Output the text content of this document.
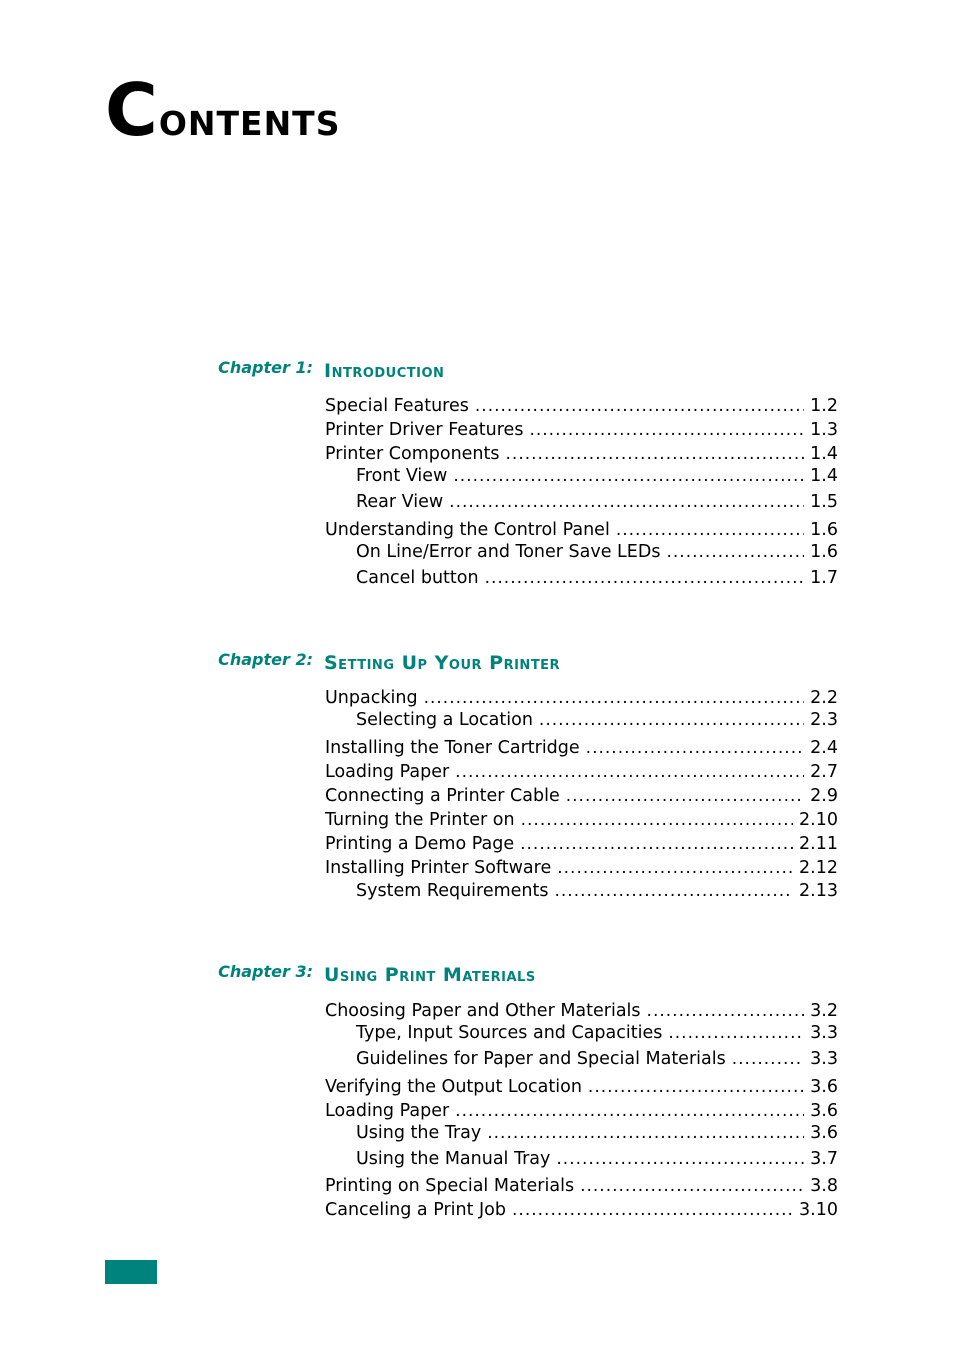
Contents
Chapter 1: Introduction
Special Features . . .	1.2
Printer Driver Features . . .	1.3
Printer Components . . .	1.4
Front View . . .	1.4
Rear View . . .	1.5
Understanding the Control Panel . . .	1.6
On Line/Error and Toner Save LEDs . . .	1.6
Cancel button . . .	1.7
Chapter 2: Setting Up Your Printer
Unpacking . . .	2.2
Selecting a Location . . .	2.3
Installing the Toner Cartridge . . .	2.4
Loading Paper . . .	2.7
Connecting a Printer Cable . . .	2.9
Turning the Printer on . . .	2.10
Printing a Demo Page . . .	2.11
Installing Printer Software . . .	2.12
System Requirements . . .	2.13
Chapter 3: Using Print Materials
Choosing Paper and Other Materials . . .	3.2
Type, Input Sources and Capacities . . .	3.3
Guidelines for Paper and Special Materials . . .	3.3
Verifying the Output Location . . .	3.6
Loading Paper . . .	3.6
Using the Tray . . .	3.6
Using the Manual Tray . . .	3.7
Printing on Special Materials . . .	3.8
Canceling a Print Job . . .	3.10
